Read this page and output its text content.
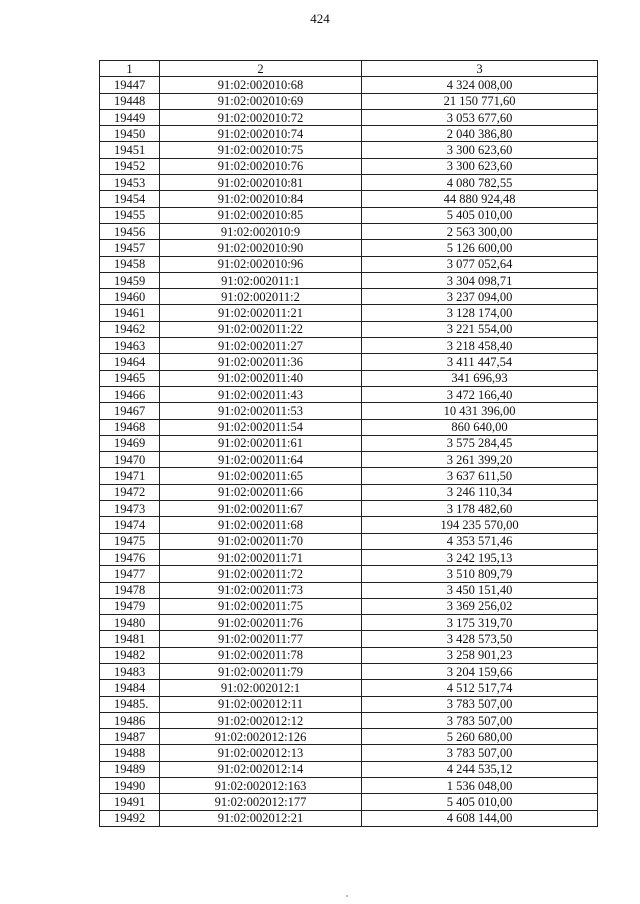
424
1	2	3
19447	91:02:002010:68	4 324 008,00
19448	91:02:002010:69	21 150 771,60
19449	91:02:002010:72	3 053 677,60
19450	91:02:002010:74	2 040 386,80
19451	91:02:002010:75	3 300 623,60
19452	91:02:002010:76	3 300 623,60
19453	91:02:002010:81	4 080 782,55
19454	91:02:002010:84	44 880 924,48
19455	91:02:002010:85	5 405 010,00
19456	91:02:002010:9	2 563 300,00
19457	91:02:002010:90	5 126 600,00
19458	91:02:002010:96	3 077 052,64
19459	91:02:002011:1	3 304 098,71
19460	91:02:002011:2	3 237 094,00
19461	91:02:002011:21	3 128 174,00
19462	91:02:002011:22	3 221 554,00
19463	91:02:002011:27	3 218 458,40
19464	91:02:002011:36	3 411 447,54
19465	91:02:002011:40	341 696,93
19466	91:02:002011:43	3 472 166,40
19467	91:02:002011:53	10 431 396,00
19468	91:02:002011:54	860 640,00
19469	91:02:002011:61	3 575 284,45
19470	91:02:002011:64	3 261 399,20
19471	91:02:002011:65	3 637 611,50
19472	91:02:002011:66	3 246 110,34
19473	91:02:002011:67	3 178 482,60
19474	91:02:002011:68	194 235 570,00
19475	91:02:002011:70	4 353 571,46
19476	91:02:002011:71	3 242 195,13
19477	91:02:002011:72	3 510 809,79
19478	91:02:002011:73	3 450 151,40
19479	91:02:002011:75	3 369 256,02
19480	91:02:002011:76	3 175 319,70
19481	91:02:002011:77	3 428 573,50
19482	91:02:002011:78	3 258 901,23
19483	91:02:002011:79	3 204 159,66
19484	91:02:002012:1	4 512 517,74
19485.	91:02:002012:11	3 783 507,00
19486	91:02:002012:12	3 783 507,00
19487	91:02:002012:126	5 260 680,00
19488	91:02:002012:13	3 783 507,00
19489	91:02:002012:14	4 244 535,12
19490	91:02:002012:163	1 536 048,00
19491	91:02:002012:177	5 405 010,00
19492	91:02:002012:21	4 608 144,00
